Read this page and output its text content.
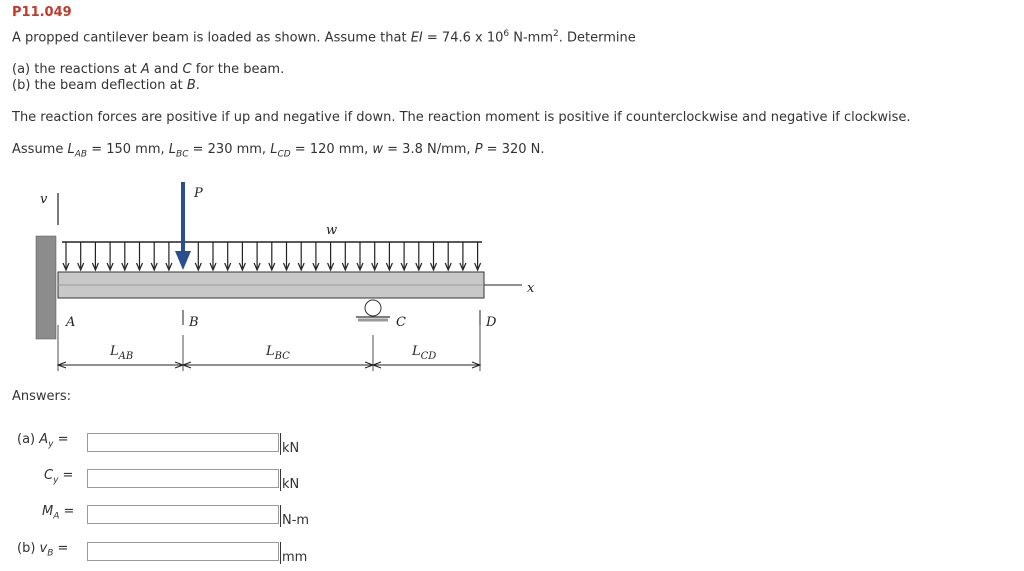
P11.049
A propped cantilever beam is loaded as shown. Assume that EI = 74.6 x $10^6$ $N-mm^2$. Determine
(a) the reactions at A and C for the beam.
(b) the beam deflection at B.
The reaction forces are positive if up and negative if down. The reaction moment is positive if counterclockwise and negative if clockwise.
Assume $L_{AB} = 150$ mm, $L_{BC} = 230$ mm, $L_{CD} = 120$ mm, w = 3.8 N/mm, P = 320 N.
v
w
P
x
A	B	C	D
$L_{AB}$	$L_{BC}$	$L_{CD}$
Answers:
(a) $A_y$ =
kN
$C_y$ =
kN
$M_A$ =
N-m
(b) $v_B$ =
mm
